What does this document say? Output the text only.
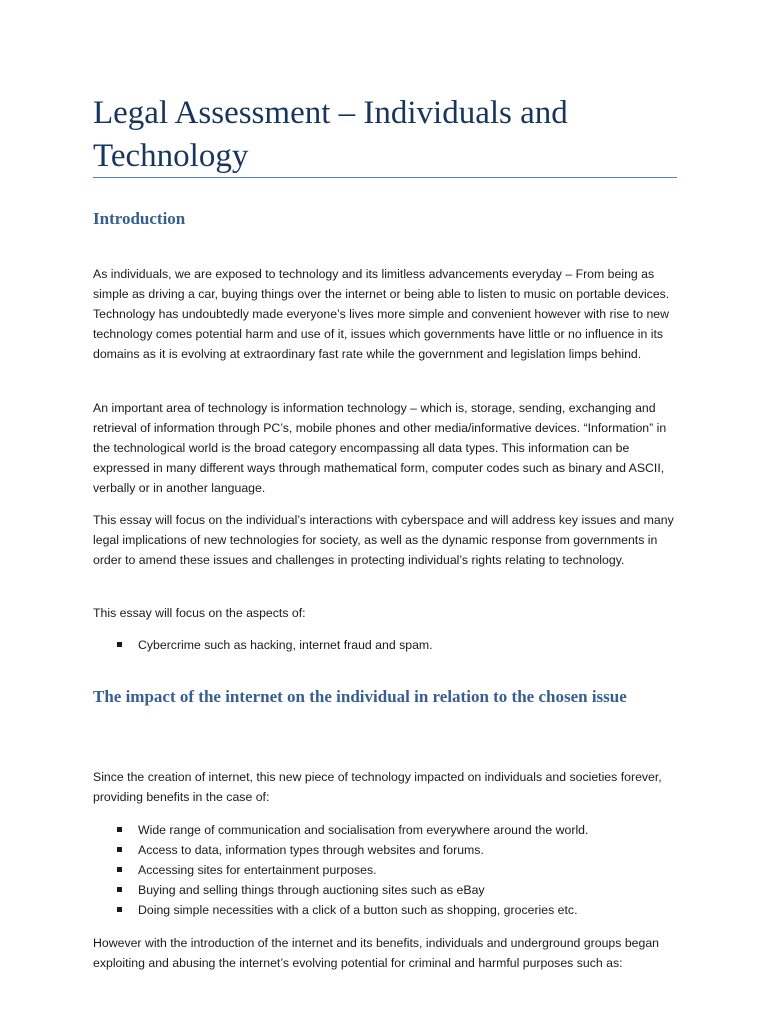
Legal Assessment – Individuals and Technology
Introduction

As individuals, we are exposed to technology and its limitless advancements everyday – From being as simple as driving a car, buying things over the internet or being able to listen to music on portable devices. Technology has undoubtedly made everyone’s lives more simple and convenient however with rise to new technology comes potential harm and use of it, issues which governments have little or no influence in its domains as it is evolving at extraordinary fast rate while the government and legislation limps behind.

An important area of technology is information technology – which is, storage, sending, exchanging and retrieval of information through PC’s, mobile phones and other media/informative devices. “Information” in the technological world is the broad category encompassing all data types. This information can be expressed in many different ways through mathematical form, computer codes such as binary and ASCII, verbally or in another language.

This essay will focus on the individual’s interactions with cyberspace and will address key issues and many legal implications of new technologies for society, as well as the dynamic response from governments in order to amend these issues and challenges in protecting individual’s rights relating to technology.

This essay will focus on the aspects of:

Cybercrime such as hacking, internet fraud and spam.
The impact of the internet on the individual in relation to the chosen issue

Since the creation of internet, this new piece of technology impacted on individuals and societies forever, providing benefits in the case of:

Wide range of communication and socialisation from everywhere around the world.
Access to data, information types through websites and forums.
Accessing sites for entertainment purposes.
Buying and selling things through auctioning sites such as eBay
Doing simple necessities with a click of a button such as shopping, groceries etc.

However with the introduction of the internet and its benefits, individuals and underground groups began exploiting and abusing the internet’s evolving potential for criminal and harmful purposes such as:
